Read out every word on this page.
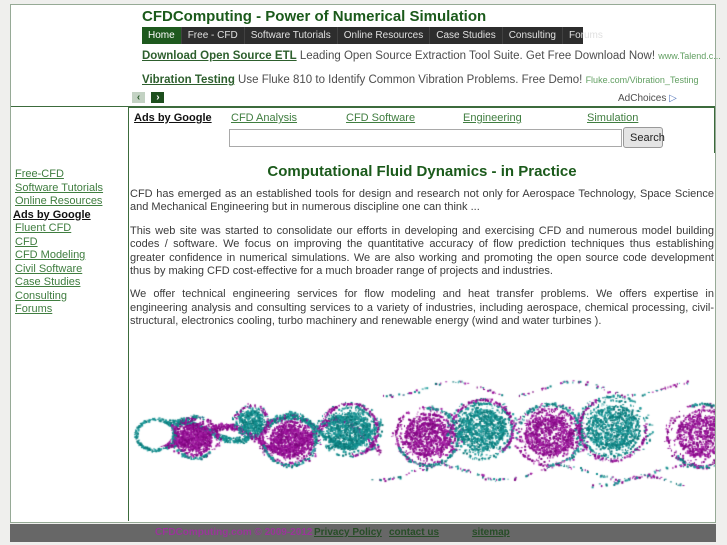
CFDComputing - Power of Numerical Simulation
Home	Free - CFD	Software Tutorials	Online Resources	Case Studies	Consulting	Forums
Download Open Source ETL Leading Open Source Extraction Tool Suite. Get Free Download Now! www.Talend.c...
Vibration Testing Use Fluke 810 to Identify Common Vibration Problems. Free Demo! Fluke.com/Vibration_Testing
‹ ›	AdChoices ▷
Ads by Google CFD Analysis	CFD Software	Engineering	Simulation
Search
Free-CFD
Software Tutorials
Online Resources
Ads by Google
Fluent CFD
CFD
CFD Modeling
Civil Software
Case Studies
Consulting
Forums
Computational Fluid Dynamics - in Practice

CFD has emerged as an established tools for design and research not only for Aerospace Technology, Space Science and Mechanical Engineering but in numerous discipline one can think ...

This web site was started to consolidate our efforts in developing and exercising CFD and numerous model building codes / software. We focus on improving the quantitative accuracy of flow prediction techniques thus establishing greater confidence in numerical simulations. We are also working and promoting the open source code development thus by making CFD cost-effective for a much broader range of projects and industries.

We offer technical engineering services for flow modeling and heat transfer problems. We offers expertise in engineering analysis and consulting services to a variety of industries, including aerospace, chemical processing, civil-structural, electronics cooling, turbo machinery and renewable energy (wind and water turbines ).

CFDComputing.com © 2009-2012 Privacy Policy contact us	sitemap
